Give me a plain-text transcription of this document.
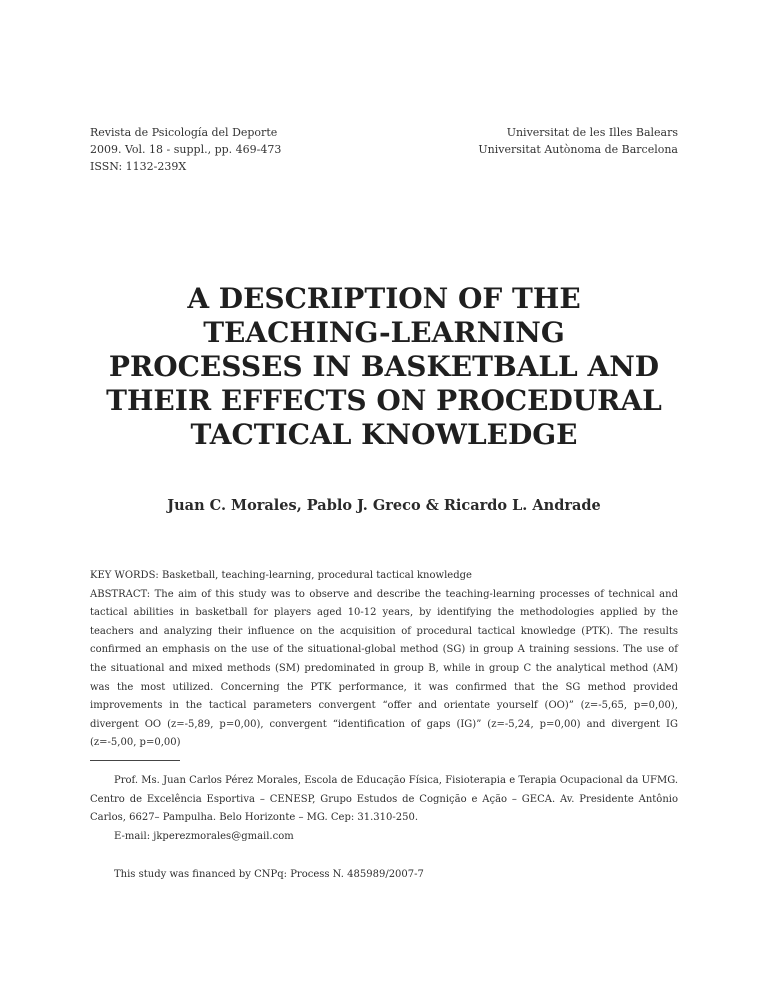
Revista de Psicología del Deporte
2009. Vol. 18 - suppl., pp. 469-473
ISSN: 1132-239X
Universitat de les Illes Balears
Universitat Autònoma de Barcelona
A DESCRIPTION OF THE
TEACHING-LEARNING
PROCESSES IN BASKETBALL AND
THEIR EFFECTS ON PROCEDURAL
TACTICAL KNOWLEDGE
Juan C. Morales, Pablo J. Greco & Ricardo L. Andrade
KEY WORDS: Basketball, teaching-learning, procedural tactical knowledge
ABSTRACT: The aim of this study was to observe and describe the teaching-learning processes of technical and tactical abilities in basketball for players aged 10-12 years, by identifying the methodologies applied by the teachers and analyzing their influence on the acquisition of procedural tactical knowledge (PTK). The results confirmed an emphasis on the use of the situational-global method (SG) in group A training sessions. The use of the situational and mixed methods (SM) predominated in group B, while in group C the analytical method (AM) was the most utilized. Concerning the PTK performance, it was confirmed that the SG method provided improvements in the tactical parameters convergent “offer and orientate yourself (OO)” (z=-5,65, p=0,00), divergent OO (z=-5,89, p=0,00), convergent “identification of gaps (IG)” (z=-5,24, p=0,00) and divergent IG (z=-5,00, p=0,00)
Prof. Ms. Juan Carlos Pérez Morales, Escola de Educação Física, Fisioterapia e Terapia Ocupacional da UFMG. Centro de Excelência Esportiva – CENESP, Grupo Estudos de Cognição e Ação – GECA. Av. Presidente Antônio Carlos, 6627– Pampulha. Belo Horizonte – MG. Cep: 31.310-250.
E-mail: jkperezmorales@gmail.com
This study was financed by CNPq: Process N. 485989/2007-7
